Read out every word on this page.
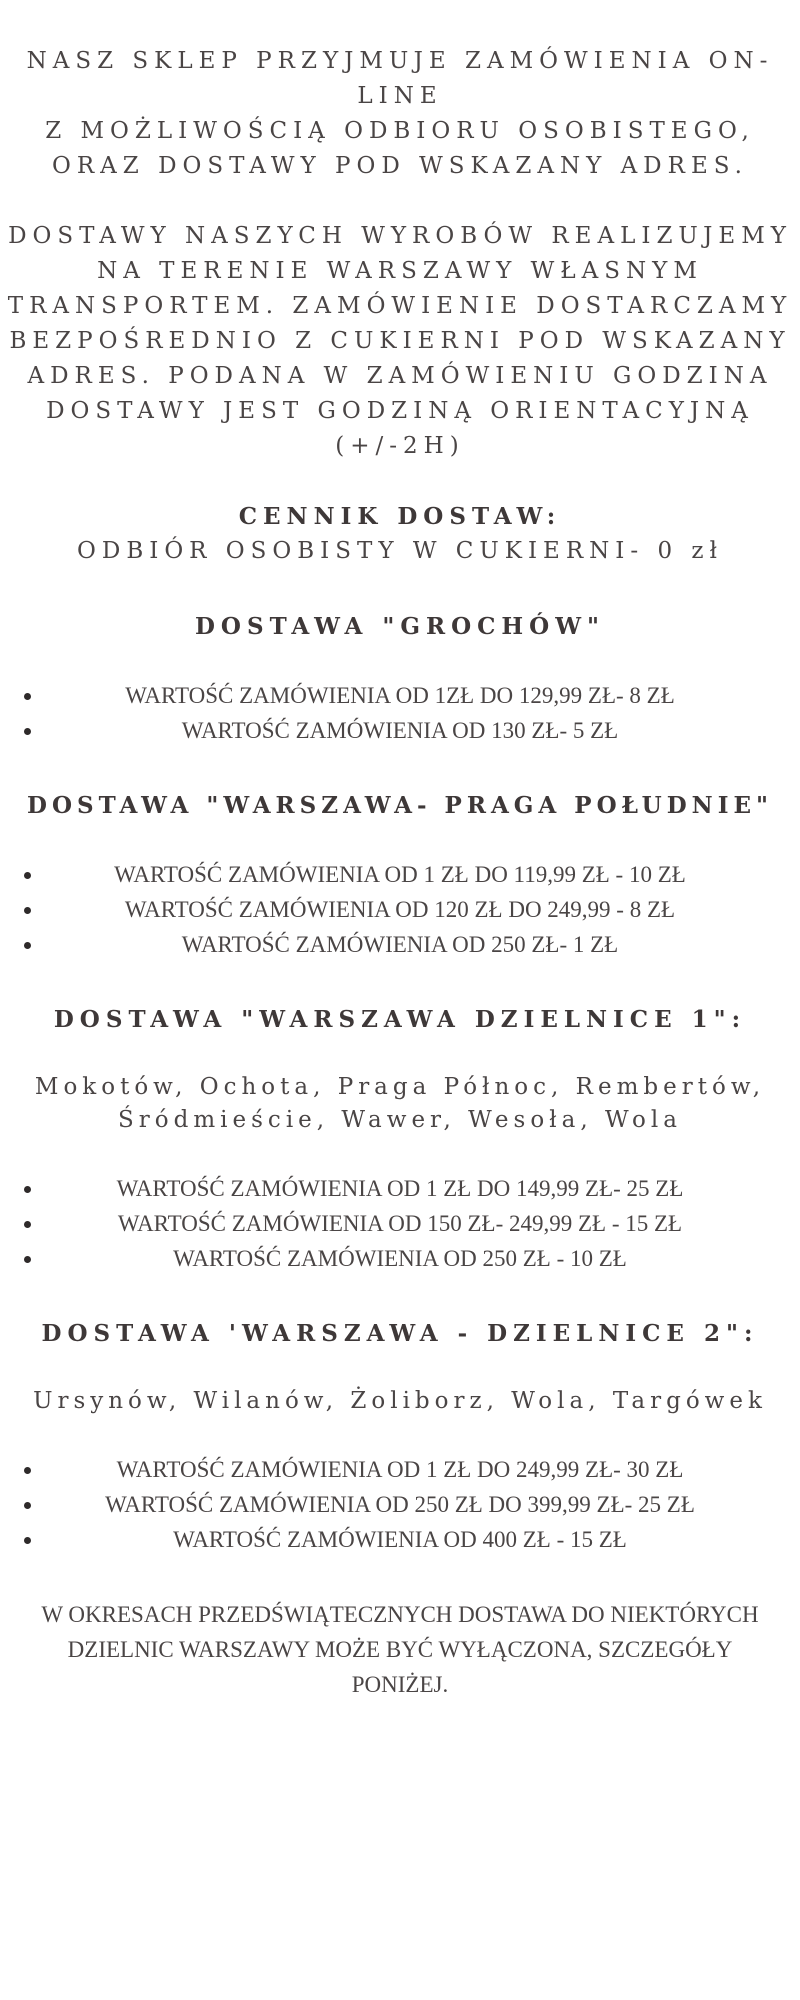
NASZ SKLEP PRZYJMUJE ZAMÓWIENIA ON-LINE

Z MOŻLIWOŚCIĄ ODBIORU OSOBISTEGO,

ORAZ DOSTAWY POD WSKAZANY ADRES.

DOSTAWY NASZYCH WYROBÓW REALIZUJEMY NA TERENIE WARSZAWY WŁASNYM TRANSPORTEM. ZAMÓWIENIE DOSTARCZAMY BEZPOŚREDNIO Z CUKIERNI POD WSKAZANY ADRES. PODANA W ZAMÓWIENIU GODZINA DOSTAWY JEST GODZINĄ ORIENTACYJNĄ (+/-2H)

CENNIK DOSTAW:

ODBIÓR OSOBISTY W CUKIERNI- 0 zł

DOSTAWA "GROCHÓW"

WARTOŚĆ ZAMÓWIENIA OD 1ZŁ DO 129,99 ZŁ- 8 ZŁ
WARTOŚĆ ZAMÓWIENIA OD 130 ZŁ- 5 ZŁ

DOSTAWA "WARSZAWA- PRAGA POŁUDNIE"

WARTOŚĆ ZAMÓWIENIA OD 1 ZŁ DO 119,99 ZŁ - 10 ZŁ
WARTOŚĆ ZAMÓWIENIA OD 120 ZŁ DO 249,99 - 8 ZŁ
WARTOŚĆ ZAMÓWIENIA OD 250 ZŁ- 1 ZŁ

DOSTAWA "WARSZAWA DZIELNICE 1":

Mokotów, Ochota, Praga Północ, Rembertów, Śródmieście, Wawer, Wesoła, Wola

WARTOŚĆ ZAMÓWIENIA OD 1 ZŁ DO 149,99 ZŁ- 25 ZŁ
WARTOŚĆ ZAMÓWIENIA OD 150 ZŁ- 249,99 ZŁ - 15 ZŁ
WARTOŚĆ ZAMÓWIENIA OD 250 ZŁ - 10 ZŁ

DOSTAWA 'WARSZAWA - DZIELNICE 2":

Ursynów, Wilanów, Żoliborz, Wola, Targówek

WARTOŚĆ ZAMÓWIENIA OD 1 ZŁ DO 249,99 ZŁ- 30 ZŁ
WARTOŚĆ ZAMÓWIENIA OD 250 ZŁ DO 399,99 ZŁ- 25 ZŁ
WARTOŚĆ ZAMÓWIENIA OD 400 ZŁ - 15 ZŁ

W OKRESACH PRZEDŚWIĄTECZNYCH DOSTAWA DO NIEKTÓRYCH DZIELNIC WARSZAWY MOŻE BYĆ WYŁĄCZONA, SZCZEGÓŁY PONIŻEJ.
